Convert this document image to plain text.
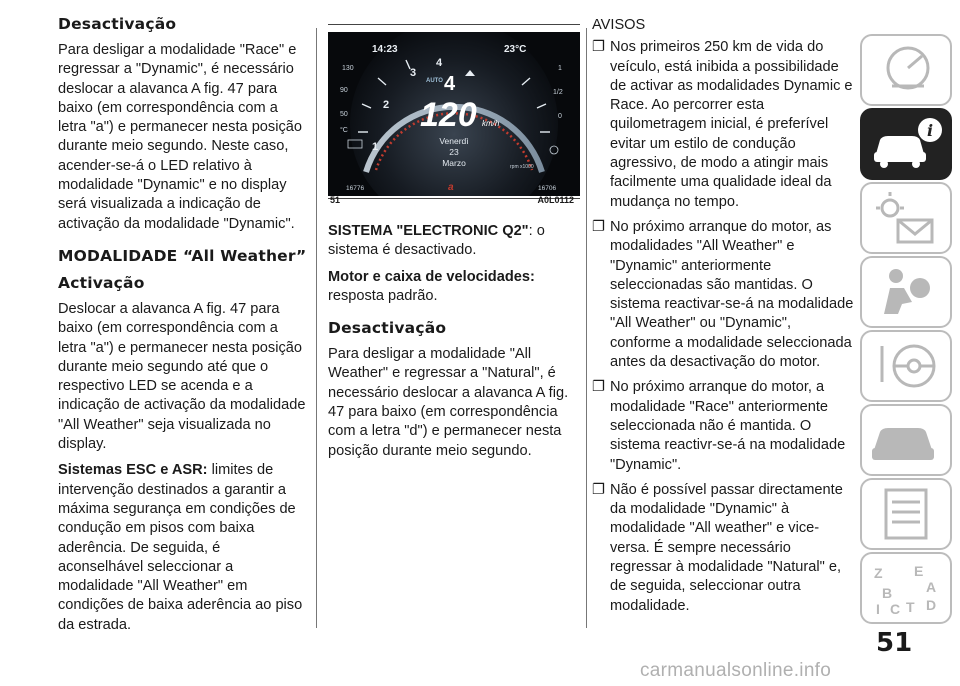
Desactivação
Para desligar a modalidade "Race" e regressar a "Dynamic", é necessário deslocar a alavanca A fig. 47 para baixo (em correspondência com a letra "a") e permanecer nesta posição durante meio segundo. Neste caso, acender-se-á o LED relativo à modalidade "Dynamic" e no display será visualizada a indicação de activação da modalidade "Dynamic".
MODALIDADE “All Weather”
Activação
Deslocar a alavanca A fig. 47 para baixo (em correspondência com a letra "a") e permanecer nesta posição durante meio segundo até que o respectivo LED se acenda e a indicação de activação da modalidade "All Weather" seja visualizada no display.
Sistemas ESC e ASR: limites de intervenção destinados a garantir a máxima segurança em condições de condução em pisos com baixa aderência. De seguida, é aconselhável seleccionar a modalidade "All Weather" em condições de baixa aderência ao piso da estrada.
4
3
2
1
14:23	23°C
130
90
50
°C
1
1/2
0
AUTO 4
120 km/h
Venerdì
23
Marzo	rpm x1000
a
16776	16706
51	A0L0112
SISTEMA "ELECTRONIC Q2": o sistema é desactivado.
Motor e caixa de velocidades: resposta padrão.
Desactivação
Para desligar a modalidade "All Weather" e regressar a "Natural", é necessário deslocar a alavanca A fig. 47 para baixo (em correspondência com a letra "d") e permanecer nesta posição durante meio segundo.
AVISOS
❐ Nos primeiros 250 km de vida do veículo, está inibida a possibilidade de activar as modalidades Dynamic e Race. Ao percorrer esta quilometragem inicial, é preferível evitar um estilo de condução agressivo, de modo a atingir mais facilmente uma qualidade ideal da mudança no tempo.
❐ No próximo arranque do motor, as modalidades "All Weather" e "Dynamic" anteriormente seleccionadas são mantidas. O sistema reactivar-se-á na modalidade "All Weather" ou "Dynamic", conforme a modalidade seleccionada antes da desactivação do motor.
❐ No próximo arranque do motor, a modalidade "Race" anteriormente seleccionada não é mantida. O sistema reactivr-se-á na modalidade "Dynamic".
❐ Não é possível passar directamente da modalidade "Dynamic" à modalidade "All weather" e vice-versa. É sempre necessário regressar à modalidade "Natural" e, de seguida, seleccionar outra modalidade.
i
Z E
A
B
I C T D
51
carmanualsonline.info
